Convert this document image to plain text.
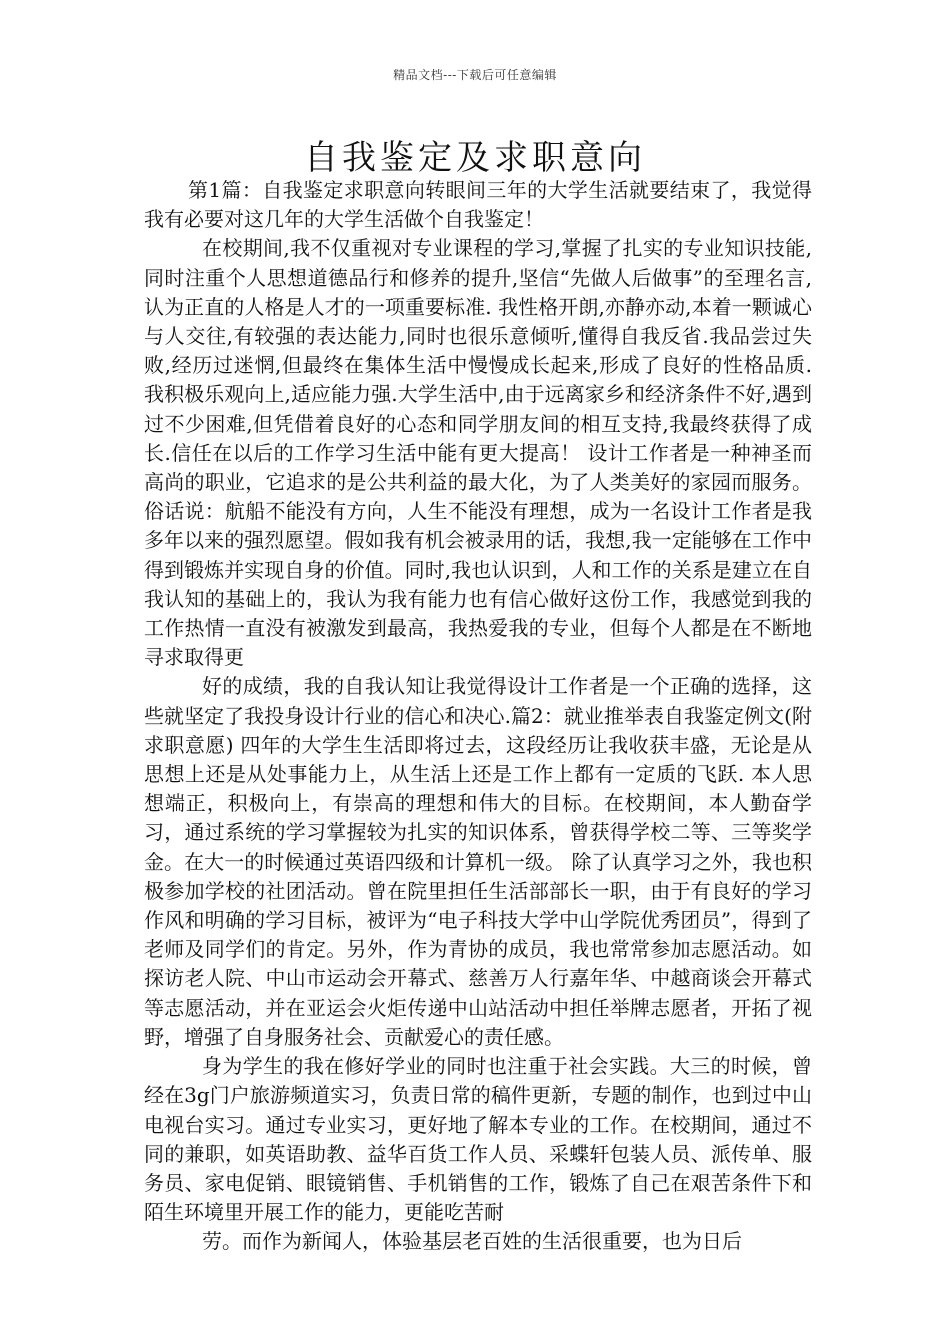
精品文档---下载后可任意编辑
自我鉴定及求职意向

第1篇：自我鉴定求职意向转眼间三年的大学生活就要结束了，我觉得我有必要对这几年的大学生活做个自我鉴定！

在校期间,我不仅重视对专业课程的学习,掌握了扎实的专业知识技能,同时注重个人思想道德品行和修养的提升,坚信“先做人后做事”的至理名言,认为正直的人格是人才的一项重要标准. 我性格开朗,亦静亦动,本着一颗诚心与人交往,有较强的表达能力,同时也很乐意倾听,懂得自我反省.我品尝过失败,经历过迷惘,但最终在集体生活中慢慢成长起来,形成了良好的性格品质. 我积极乐观向上,适应能力强.大学生活中,由于远离家乡和经济条件不好,遇到过不少困难,但凭借着良好的心态和同学朋友间的相互支持,我最终获得了成长.信任在以后的工作学习生活中能有更大提高！ 设计工作者是一种神圣而高尚的职业，它追求的是公共利益的最大化，为了人类美好的家园而服务。俗话说：航船不能没有方向，人生不能没有理想，成为一名设计工作者是我多年以来的强烈愿望。假如我有机会被录用的话，我想,我一定能够在工作中得到锻炼并实现自身的价值。同时,我也认识到，人和工作的关系是建立在自我认知的基础上的，我认为我有能力也有信心做好这份工作，我感觉到我的工作热情一直没有被激发到最高，我热爱我的专业，但每个人都是在不断地寻求取得更

好的成绩，我的自我认知让我觉得设计工作者是一个正确的选择，这些就坚定了我投身设计行业的信心和决心.篇2：就业推举表自我鉴定例文(附求职意愿) 四年的大学生生活即将过去，这段经历让我收获丰盛，无论是从思想上还是从处事能力上，从生活上还是工作上都有一定质的飞跃. 本人思想端正，积极向上，有崇高的理想和伟大的目标。在校期间，本人勤奋学习，通过系统的学习掌握较为扎实的知识体系，曾获得学校二等、三等奖学金。在大一的时候通过英语四级和计算机一级。 除了认真学习之外，我也积极参加学校的社团活动。曾在院里担任生活部部长一职，由于有良好的学习作风和明确的学习目标，被评为“电子科技大学中山学院优秀团员”，得到了老师及同学们的肯定。另外，作为青协的成员，我也常常参加志愿活动。如探访老人院、中山市运动会开幕式、慈善万人行嘉年华、中越商谈会开幕式等志愿活动，并在亚运会火炬传递中山站活动中担任举牌志愿者，开拓了视野，增强了自身服务社会、贡献爱心的责任感。

身为学生的我在修好学业的同时也注重于社会实践。大三的时候，曾经在3g门户旅游频道实习，负责日常的稿件更新，专题的制作，也到过中山电视台实习。通过专业实习，更好地了解本专业的工作。在校期间，通过不同的兼职，如英语助教、益华百货工作人员、采蝶轩包装人员、派传单、服务员、家电促销、眼镜销售、手机销售的工作，锻炼了自己在艰苦条件下和陌生环境里开展工作的能力，更能吃苦耐

劳。而作为新闻人，体验基层老百姓的生活很重要，也为日后
